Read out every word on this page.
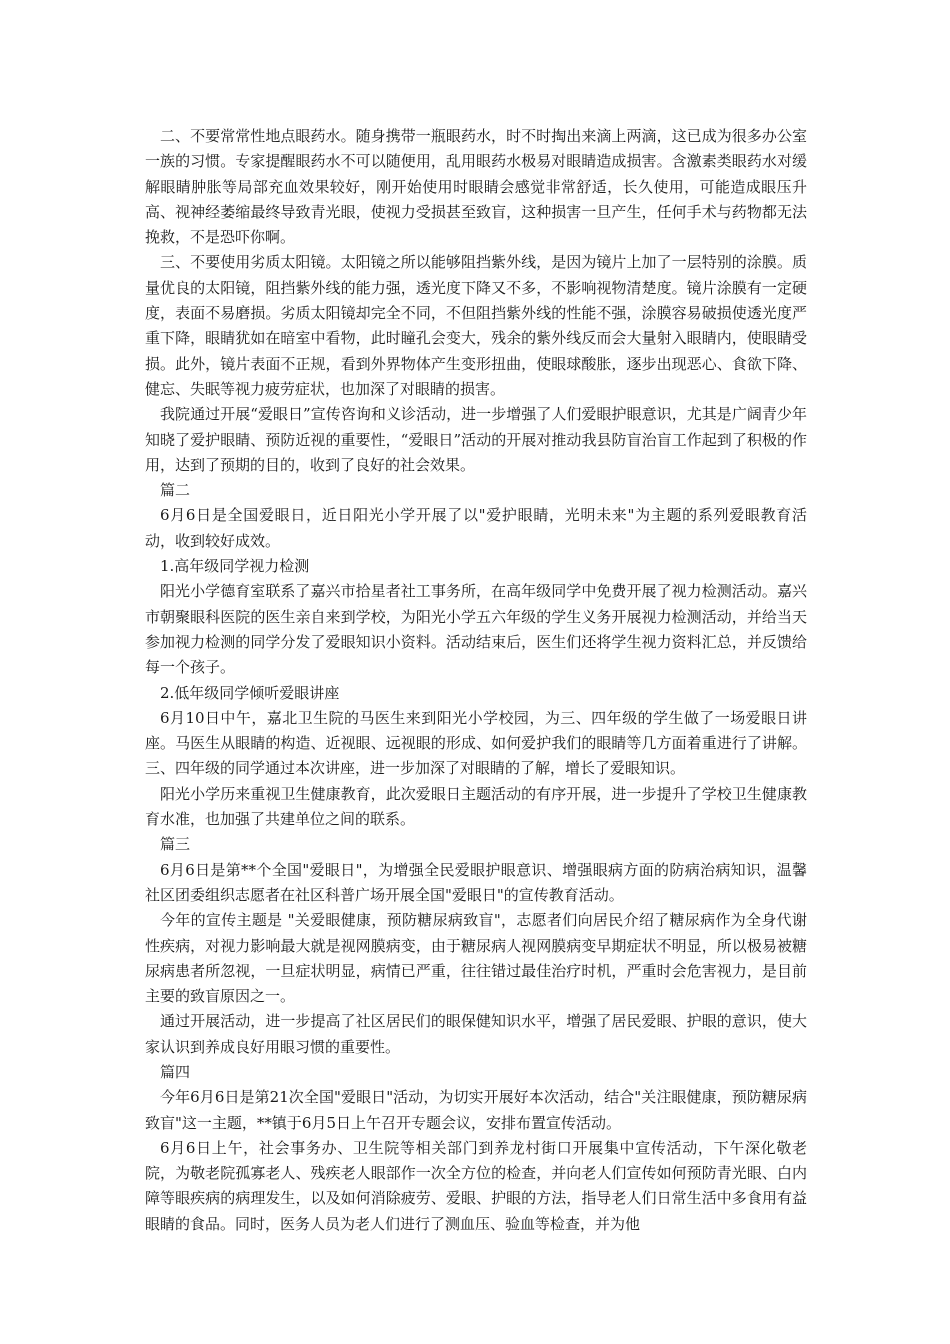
二、不要常常性地点眼药水。随身携带一瓶眼药水，时不时掏出来滴上两滴，这已成为很多办公室一族的习惯。专家提醒眼药水不可以随便用，乱用眼药水极易对眼睛造成损害。含激素类眼药水对缓解眼睛肿胀等局部充血效果较好，刚开始使用时眼睛会感觉非常舒适，长久使用，可能造成眼压升高、视神经萎缩最终导致青光眼，使视力受损甚至致盲，这种损害一旦产生，任何手术与药物都无法挽救，不是恐吓你啊。

三、不要使用劣质太阳镜。太阳镜之所以能够阻挡紫外线，是因为镜片上加了一层特别的涂膜。质量优良的太阳镜，阻挡紫外线的能力强，透光度下降又不多，不影响视物清楚度。镜片涂膜有一定硬度，表面不易磨损。劣质太阳镜却完全不同，不但阻挡紫外线的性能不强，涂膜容易破损使透光度严重下降，眼睛犹如在暗室中看物，此时瞳孔会变大，残余的紫外线反而会大量射入眼睛内，使眼睛受损。此外，镜片表面不正规，看到外界物体产生变形扭曲，使眼球酸胀，逐步出现恶心、食欲下降、健忘、失眠等视力疲劳症状，也加深了对眼睛的损害。

我院通过开展“爱眼日”宣传咨询和义诊活动，进一步增强了人们爱眼护眼意识，尤其是广阔青少年知晓了爱护眼睛、预防近视的重要性，“爱眼日”活动的开展对推动我县防盲治盲工作起到了积极的作用，达到了预期的目的，收到了良好的社会效果。

篇二

6月6日是全国爱眼日，近日阳光小学开展了以"爱护眼睛，光明未来"为主题的系列爱眼教育活动，收到较好成效。

1.高年级同学视力检测

阳光小学德育室联系了嘉兴市拾星者社工事务所，在高年级同学中免费开展了视力检测活动。嘉兴市朝聚眼科医院的医生亲自来到学校，为阳光小学五六年级的学生义务开展视力检测活动，并给当天参加视力检测的同学分发了爱眼知识小资料。活动结束后，医生们还将学生视力资料汇总，并反馈给每一个孩子。

2.低年级同学倾听爱眼讲座

6月10日中午，嘉北卫生院的马医生来到阳光小学校园，为三、四年级的学生做了一场爱眼日讲座。马医生从眼睛的构造、近视眼、远视眼的形成、如何爱护我们的眼睛等几方面着重进行了讲解。三、四年级的同学通过本次讲座，进一步加深了对眼睛的了解，增长了爱眼知识。

阳光小学历来重视卫生健康教育，此次爱眼日主题活动的有序开展，进一步提升了学校卫生健康教育水准，也加强了共建单位之间的联系。

篇三

6月6日是第**个全国"爱眼日"，为增强全民爱眼护眼意识、增强眼病方面的防病治病知识，温馨社区团委组织志愿者在社区科普广场开展全国"爱眼日"的宣传教育活动。

今年的宣传主题是 "关爱眼健康，预防糖尿病致盲"，志愿者们向居民介绍了糖尿病作为全身代谢性疾病，对视力影响最大就是视网膜病变，由于糖尿病人视网膜病变早期症状不明显，所以极易被糖尿病患者所忽视，一旦症状明显，病情已严重，往往错过最佳治疗时机，严重时会危害视力，是目前主要的致盲原因之一。

通过开展活动，进一步提高了社区居民们的眼保健知识水平，增强了居民爱眼、护眼的意识，使大家认识到养成良好用眼习惯的重要性。

篇四

今年6月6日是第21次全国"爱眼日"活动，为切实开展好本次活动，结合"关注眼健康，预防糖尿病致盲"这一主题，**镇于6月5日上午召开专题会议，安排布置宣传活动。

6月6日上午，社会事务办、卫生院等相关部门到养龙村街口开展集中宣传活动，下午深化敬老院，为敬老院孤寡老人、残疾老人眼部作一次全方位的检查，并向老人们宣传如何预防青光眼、白内障等眼疾病的病理发生，以及如何消除疲劳、爱眼、护眼的方法，指导老人们日常生活中多食用有益眼睛的食品。同时，医务人员为老人们进行了测血压、验血等检查，并为他
